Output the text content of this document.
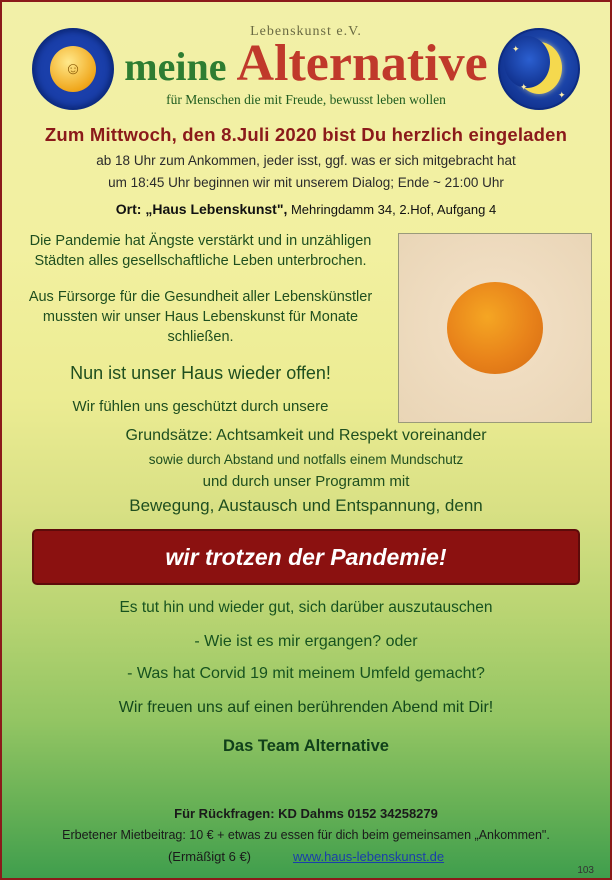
☺
Lebenskunst e.V.
meine Alternative
für Menschen die mit Freude, bewusst leben wollen
✦
✦
✦
Zum Mittwoch, den 8.Juli 2020 bist Du herzlich eingeladen
ab 18 Uhr zum Ankommen, jeder isst, ggf. was er sich mitgebracht hat
um 18:45 Uhr beginnen wir mit unserem Dialog; Ende ~ 21:00 Uhr
Ort: „Haus Lebenskunst", Mehringdamm 34, 2.Hof, Aufgang 4
Die Pandemie hat Ängste verstärkt und in unzähligen Städten alles gesellschaftliche Leben unterbrochen.
Aus Fürsorge für die Gesundheit aller Lebenskünstler mussten wir unser Haus Lebenskunst für Monate schließen.
Nun ist unser Haus wieder offen!
Wir fühlen uns geschützt durch unsere
Grundsätze: Achtsamkeit und Respekt voreinander
sowie durch Abstand und notfalls einem Mundschutz
und durch unser Programm mit
Bewegung, Austausch und Entspannung, denn
wir trotzen der Pandemie!
Es tut hin und wieder gut, sich darüber auszutauschen
- Wie ist es mir ergangen? oder
- Was hat Corvid 19 mit meinem Umfeld gemacht?
Wir freuen uns auf einen berührenden Abend mit Dir!
Das Team Alternative
Für Rückfragen: KD Dahms 0152 34258279
Erbetener Mietbeitrag: 10 € + etwas zu essen für dich beim gemeinsamen „Ankommen".
(Ermäßigt 6 €)	www.haus-lebenskunst.de
103
